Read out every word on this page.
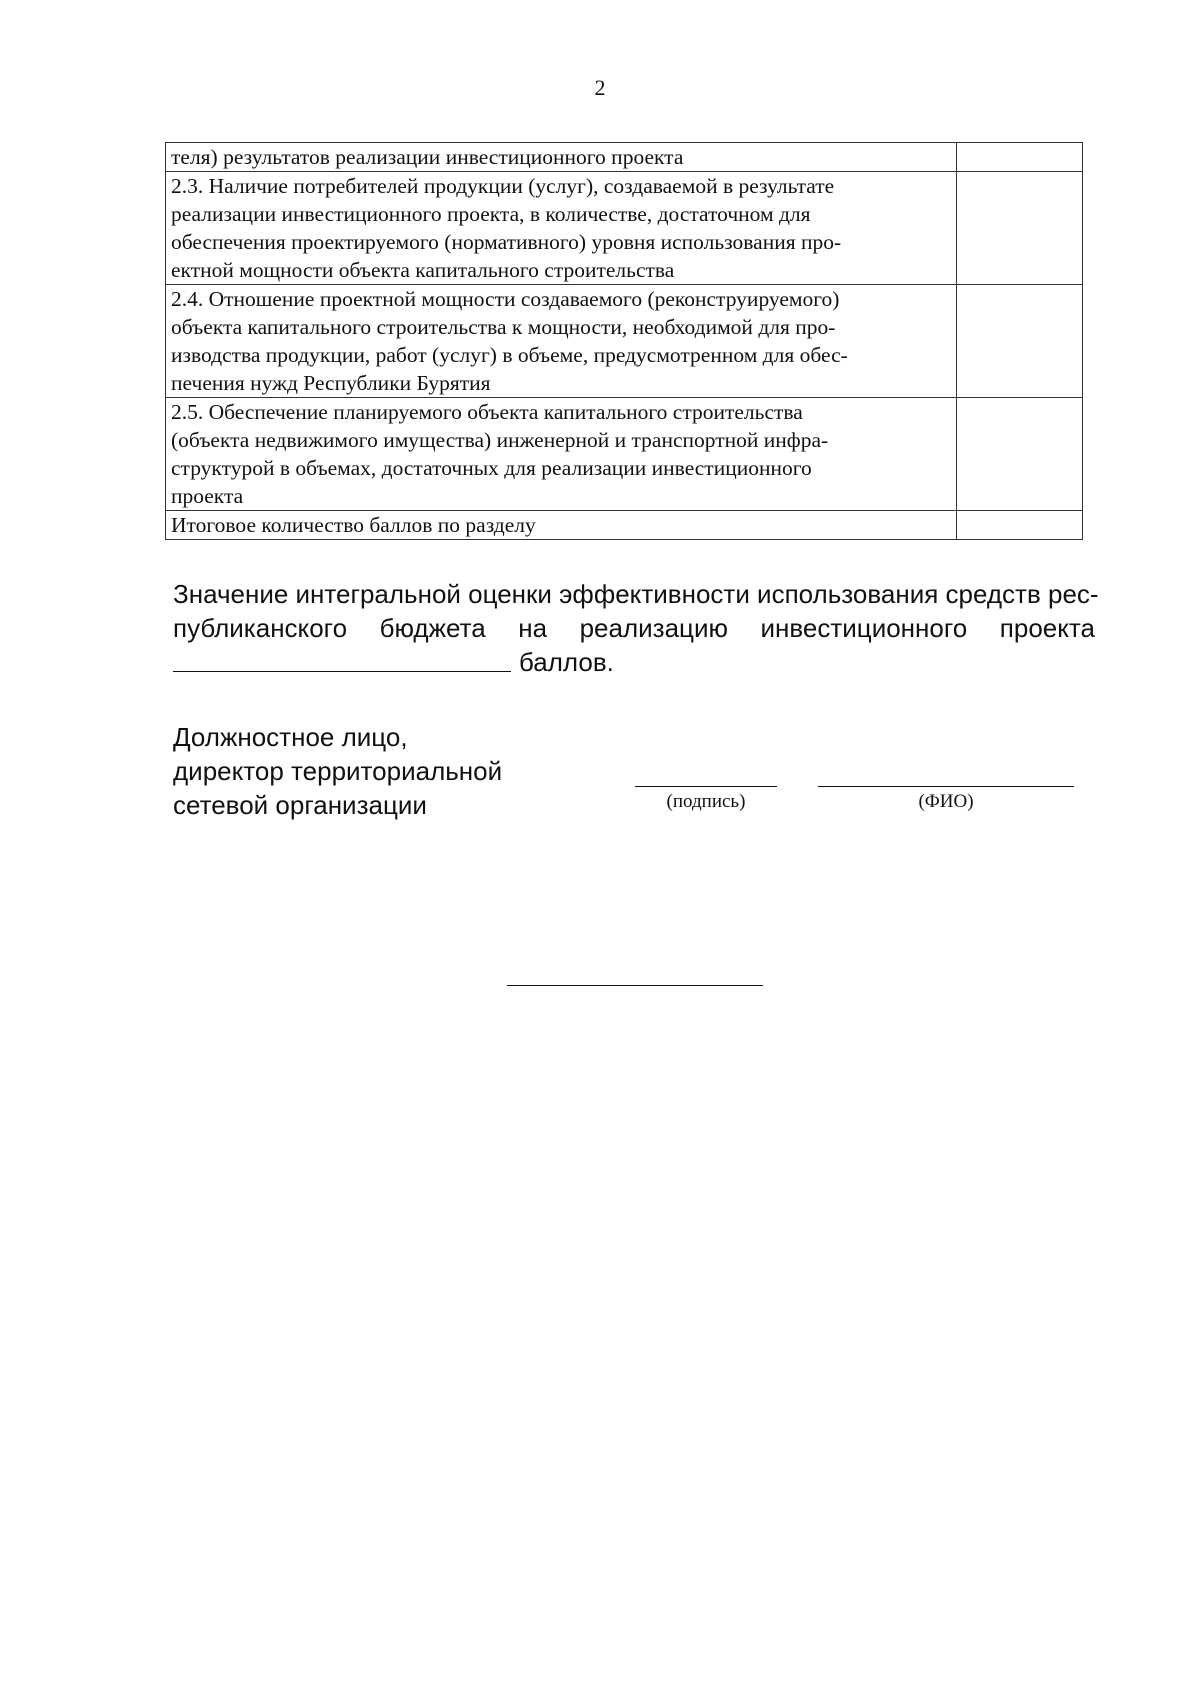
2
теля) результатов реализации инвестиционного проекта	
2.3. Наличие потребителей продукции (услуг), создаваемой в результате
реализации инвестиционного проекта, в количестве, достаточном для
обеспечения проектируемого (нормативного) уровня использования про-
ектной мощности объекта капитального строительства	
2.4. Отношение проектной мощности создаваемого (реконструируемого)
объекта капитального строительства к мощности, необходимой для про-
изводства продукции, работ (услуг) в объеме, предусмотренном для обес-
печения нужд Республики Бурятия	
2.5. Обеспечение планируемого объекта капитального строительства
(объекта недвижимого имущества) инженерной и транспортной инфра-
структурой в объемах, достаточных для реализации инвестиционного
проекта	
Итоговое количество баллов по разделу	
Значение интегральной оценки эффективности использования средств рес-
публиканского бюджета на реализацию инвестиционного проекта
баллов.
Должностное лицо,
директор территориальной
сетевой организации	(подпись)	(ФИО)
